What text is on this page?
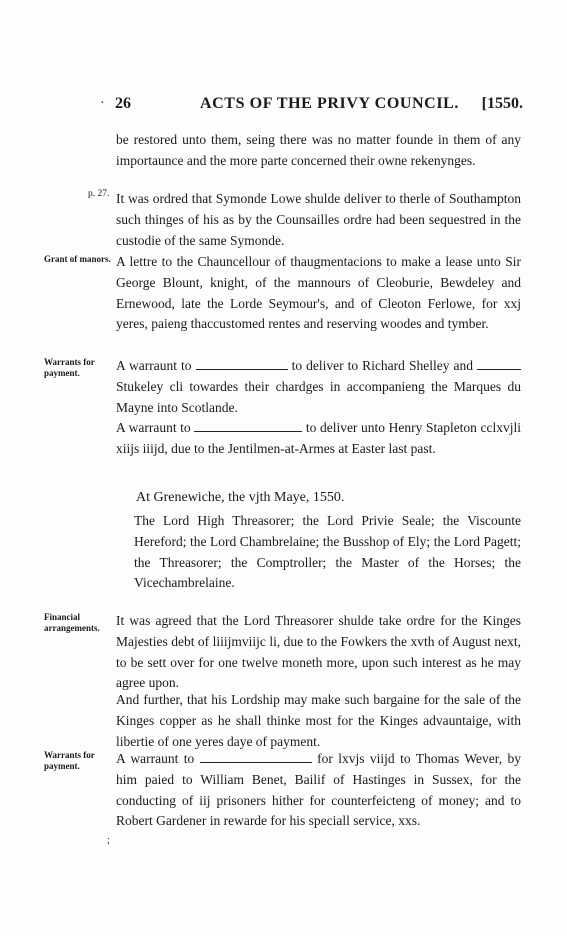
· 26	ACTS OF THE PRIVY COUNCIL. [1550.
p. 27.
Grant of manors.
Warrants for payment.
Financial arrangements.
Warrants for payment.

be restored unto them, seing there was no matter founde in them of any importaunce and the more parte concerned their owne rekenynges.

It was ordred that Symonde Lowe shulde deliver to therle of Southampton such thinges of his as by the Counsailles ordre had been sequestred in the custodie of the same Symonde.

A lettre to the Chauncellour of thaugmentacions to make a lease unto Sir George Blount, knight, of the mannours of Cleoburie, Bewdeley and Ernewood, late the Lorde Seymour's, and of Cleoton Ferlowe, for xxj yeres, paieng thaccustomed rentes and reserving woodes and tymber.

A warraunt to	to deliver to Richard Shelley and  Stukeley cli towardes their chardges in accompanieng the Marques du Mayne into Scotlande.

A warraunt to	to deliver unto Henry Stapleton cclxvjli xiijs iiijd, due to the Jentilmen-at-Armes at Easter last past.

At Grenewiche, the vjth Maye, 1550.

The Lord High Threasorer; the Lord Privie Seale; the Viscounte Hereford; the Lord Chambrelaine; the Busshop of Ely; the Lord Pagett; the Threasorer; the Comptroller; the Master of the Horses; the Vicechambrelaine.

It was agreed that the Lord Threasorer shulde take ordre for the Kinges Majesties debt of liiijmviijc li, due to the Fowkers the xvth of August next, to be sett over for one twelve moneth more, upon such interest as he may agree upon.

And further, that his Lordship may make such bargaine for the sale of the Kinges copper as he shall thinke most for the Kinges advauntaige, with libertie of one yeres daye of payment.

A warraunt to	for lxvjs viijd to Thomas Wever, by him paied to William Benet, Bailif of Hastinges in Sussex, for the conducting of iij prisoners hither for counterfeicteng of money; and to Robert Gardener in rewarde for his speciall service, xxs.

;
